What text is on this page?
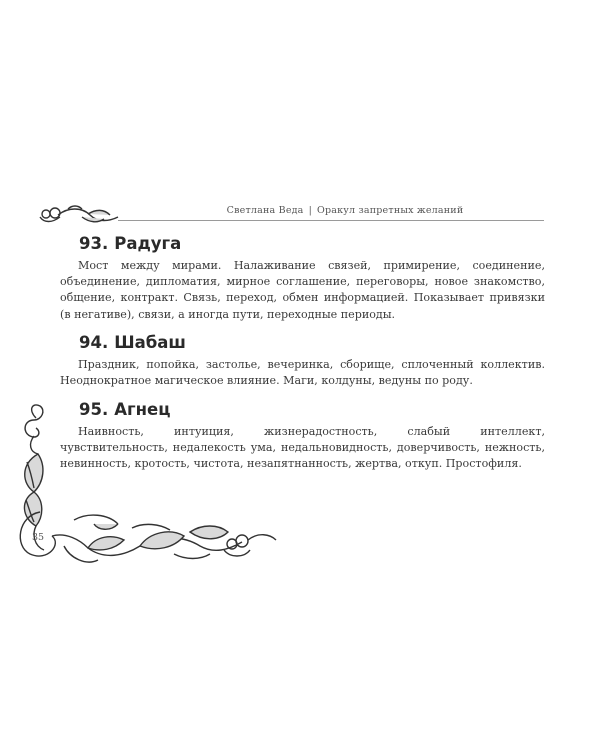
Светлана Веда | Оракул запретных желаний
93. Радуга

Мост между мирами. Налаживание связей, примирение, соединение, объединение, дипломатия, мирное соглашение, переговоры, новое знакомство, общение, контракт. Связь, переход, обмен информацией. Показывает привязки (в негативе), связи, а иногда пути, переходные периоды.

94. Шабаш

Праздник, попойка, застолье, вечеринка, сборище, сплоченный коллектив. Неоднократное магическое влияние. Маги, колдуны, ведуны по роду.

95. Агнец

Наивность, интуиция, жизнерадостность, слабый интеллект, чувствительность, недалекость ума, недальновидность, доверчивость, нежность, невинность, кротость, чистота, незапятнанность, жертва, откуп. Простофиля.

35
